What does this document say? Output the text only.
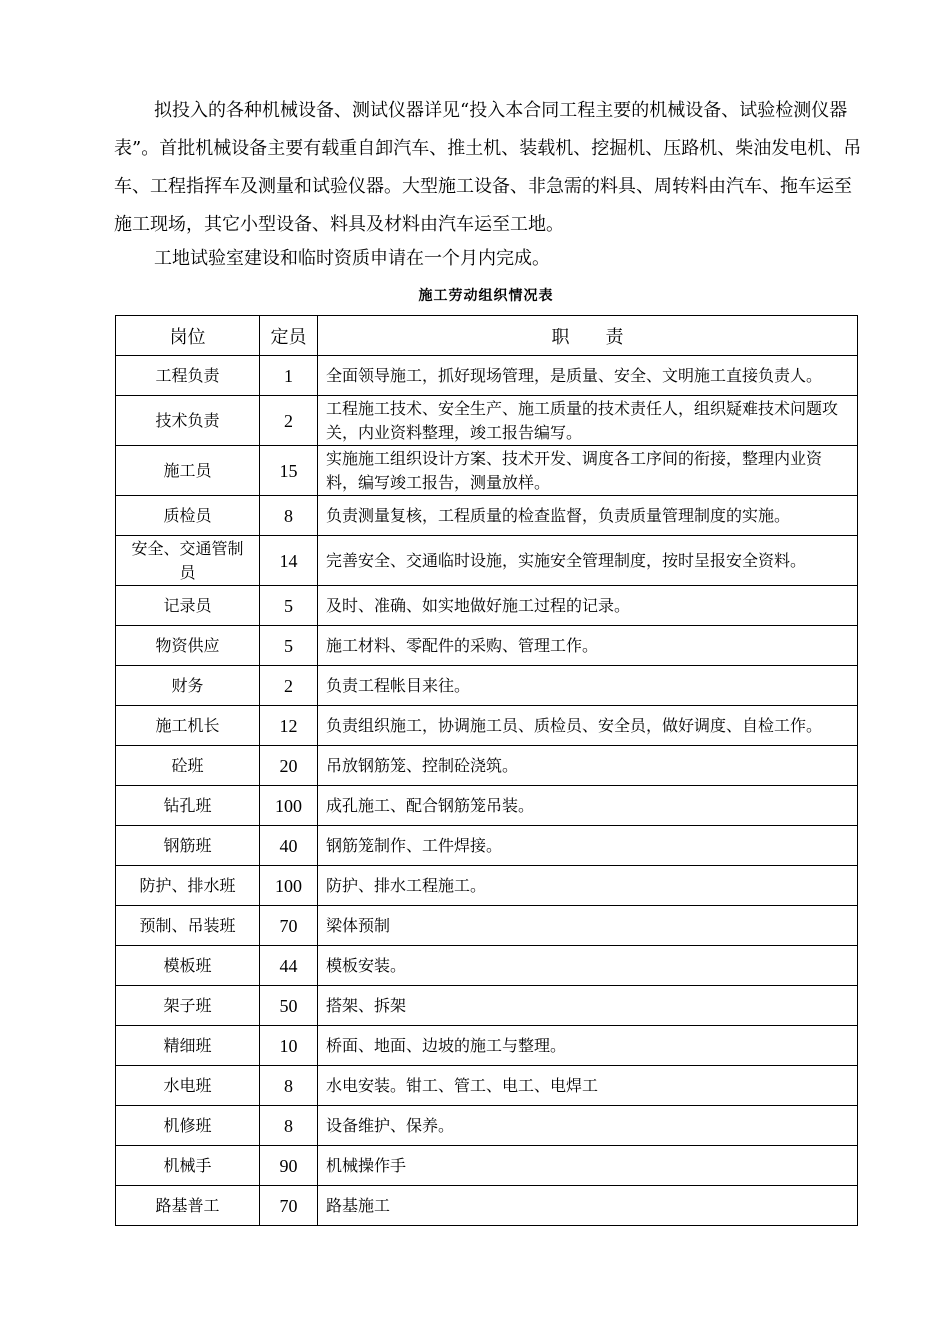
拟投入的各种机械设备、测试仪器详见“投入本合同工程主要的机械设备、试验检测仪器表”。首批机械设备主要有载重自卸汽车、推土机、装载机、挖掘机、压路机、柴油发电机、吊车、工程指挥车及测量和试验仪器。大型施工设备、非急需的料具、周转料由汽车、拖车运至施工现场，其它小型设备、料具及材料由汽车运至工地。

工地试验室建设和临时资质申请在一个月内完成。

施工劳动组织情况表
岗位	定员	职　　责
工程负责	1	全面领导施工，抓好现场管理，是质量、安全、文明施工直接负责人。
技术负责	2	工程施工技术、安全生产、施工质量的技术责任人，组织疑难技术问题攻关，内业资料整理，竣工报告编写。
施工员	15	实施施工组织设计方案、技术开发、调度各工序间的衔接，整理内业资料，编写竣工报告，测量放样。
质检员	8	负责测量复核，工程质量的检查监督，负责质量管理制度的实施。
安全、交通管制员	14	完善安全、交通临时设施，实施安全管理制度，按时呈报安全资料。
记录员	5	及时、准确、如实地做好施工过程的记录。
物资供应	5	施工材料、零配件的采购、管理工作。
财务	2	负责工程帐目来往。
施工机长	12	负责组织施工，协调施工员、质检员、安全员，做好调度、自检工作。
砼班	20	吊放钢筋笼、控制砼浇筑。
钻孔班	100	成孔施工、配合钢筋笼吊装。
钢筋班	40	钢筋笼制作、工件焊接。
防护、排水班	100	防护、排水工程施工。
预制、吊装班	70	梁体预制
模板班	44	模板安装。
架子班	50	搭架、拆架
精细班	10	桥面、地面、边坡的施工与整理。
水电班	8	水电安装。钳工、管工、电工、电焊工
机修班	8	设备维护、保养。
机械手	90	机械操作手
路基普工	70	路基施工
